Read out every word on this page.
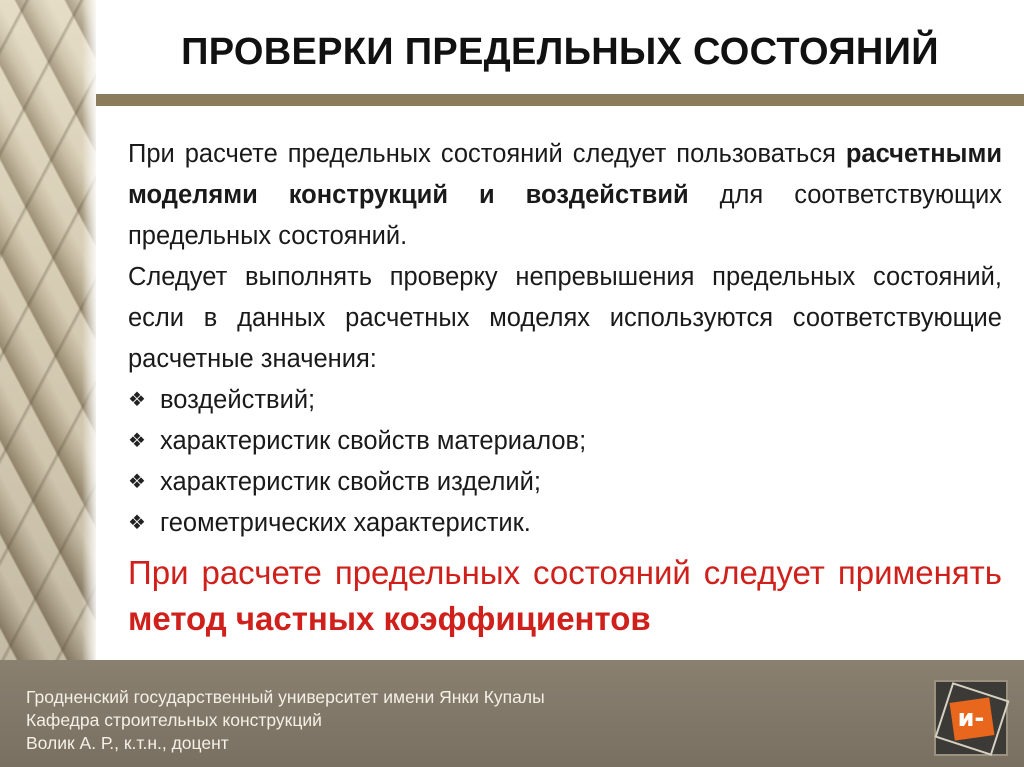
ПРОВЕРКИ ПРЕДЕЛЬНЫХ СОСТОЯНИЙ

При расчете предельных состояний следует пользоваться расчетными моделями конструкций и воздействий для соответствующих предельных состояний.

Следует выполнять проверку непревышения предельных состояний, если в данных расчетных моделях используются соответствующие расчетные значения:

❖ воздействий;
❖ характеристик свойств материалов;
❖ характеристик свойств изделий;
❖ геометрических характеристик.

При расчете предельных состояний следует применять метод частных коэффициентов

Гродненский государственный университет имени Янки Купалы
Кафедра строительных конструкций
Волик А. Р., к.т.н., доцент
и-
